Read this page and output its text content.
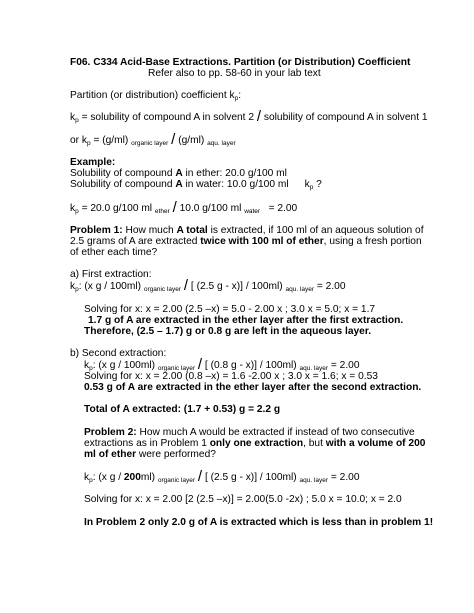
F06. C334 Acid-Base Extractions. Partition (or Distribution) Coefficient
Refer also to pp. 58-60 in your lab text
Partition (or distribution) coefficient $k_p$:
$k_p$ = solubility of compound A in solvent 2 / solubility of compound A in solvent 1
or $k_p = (g/ml)$ $_{organic layer}$ / (g/ml) $_{aqu. layer}$
Example:
Solubility of compound A in ether: 20.0 g/100 ml
Solubility of compound A in water: 10.0 g/100 ml $k_p$ ?
$k_p = 20.0$ g/100 ml $_{ether}$ / 10.0 g/100 ml $_{water}$ = 2.00
Problem 1: How much A total is extracted, if 100 ml of an aqueous solution of
2.5 grams of A are extracted twice with 100 ml of ether, using a fresh portion
of ether each time?
a) First extraction:
$k_p$: (x g / 100ml) $_{organic layer}$ / [ (2.5 g - x)] / 100ml) $_{aqu. layer}$ = 2.00
Solving for x: x = 2.00 (2.5 –x) = 5.0 - 2.00 x ; 3.0 x = 5.0; x = 1.7
1.7 g of A are extracted in the ether layer after the first extraction.
Therefore, (2.5 – 1.7) g or 0.8 g are left in the aqueous layer.
b) Second extraction:
$k_p$: (x g / 100ml) $_{organic layer}$ / [ (0.8 g - x)] / 100ml) $_{aqu. layer}$ = 2.00
Solving for x: x = 2.00 (0.8 –x) = 1.6 -2.00 x ; 3.0 x = 1.6; x = 0.53
0.53 g of A are extracted in the ether layer after the second extraction.
Total of A extracted: (1.7 + 0.53) g = 2.2 g
Problem 2: How much A would be extracted if instead of two consecutive
extractions as in Problem 1 only one extraction, but with a volume of 200
ml of ether were performed?
$k_p$: (x g / 200ml) $_{organic layer}$ / [ (2.5 g - x)] / 100ml) $_{aqu. layer}$ = 2.00
Solving for x: x = 2.00 [2 (2.5 –x)] = 2.00(5.0 -2x) ; 5.0 x = 10.0; x = 2.0
In Problem 2 only 2.0 g of A is extracted which is less than in problem 1!
